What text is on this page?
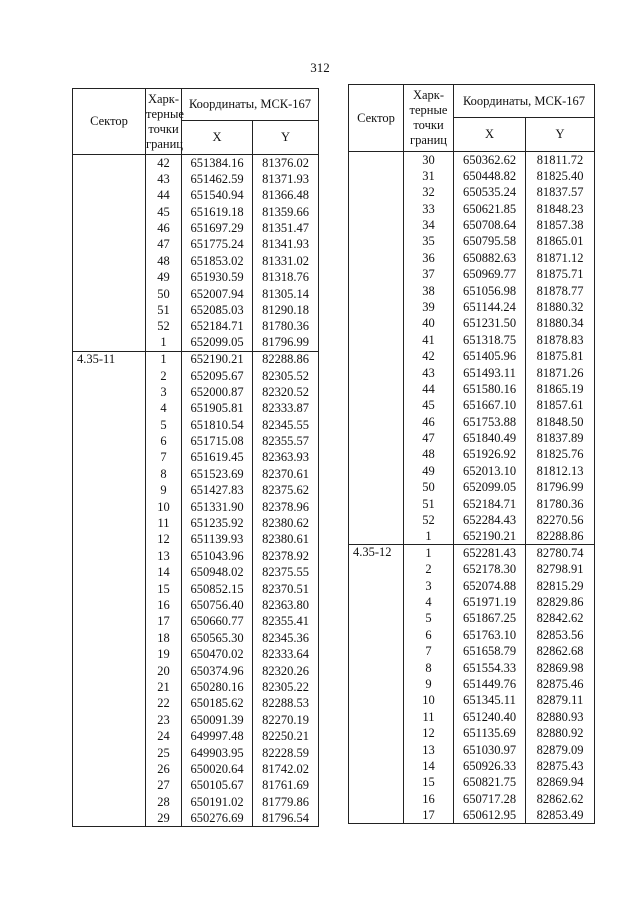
312
Сектор	Харк-терные точки границ	Координаты, МСК-167	
		X	Y
	42	651384.16	81376.02
	43	651462.59	81371.93
	44	651540.94	81366.48
	45	651619.18	81359.66
	46	651697.29	81351.47
	47	651775.24	81341.93
	48	651853.02	81331.02
	49	651930.59	81318.76
	50	652007.94	81305.14
	51	652085.03	81290.18
	52	652184.71	81780.36
	1	652099.05	81796.99
4.35-11	1	652190.21	82288.86
	2	652095.67	82305.52
	3	652000.87	82320.52
	4	651905.81	82333.87
	5	651810.54	82345.55
	6	651715.08	82355.57
	7	651619.45	82363.93
	8	651523.69	82370.61
	9	651427.83	82375.62
	10	651331.90	82378.96
	11	651235.92	82380.62
	12	651139.93	82380.61
	13	651043.96	82378.92
	14	650948.02	82375.55
	15	650852.15	82370.51
	16	650756.40	82363.80
	17	650660.77	82355.41
	18	650565.30	82345.36
	19	650470.02	82333.64
	20	650374.96	82320.26
	21	650280.16	82305.22
	22	650185.62	82288.53
	23	650091.39	82270.19
	24	649997.48	82250.21
	25	649903.95	82228.59
	26	650020.64	81742.02
	27	650105.67	81761.69
	28	650191.02	81779.86
	29	650276.69	81796.54
Сектор	Харк-терные точки границ	Координаты, МСК-167	
		X	Y
	30	650362.62	81811.72
	31	650448.82	81825.40
	32	650535.24	81837.57
	33	650621.85	81848.23
	34	650708.64	81857.38
	35	650795.58	81865.01
	36	650882.63	81871.12
	37	650969.77	81875.71
	38	651056.98	81878.77
	39	651144.24	81880.32
	40	651231.50	81880.34
	41	651318.75	81878.83
	42	651405.96	81875.81
	43	651493.11	81871.26
	44	651580.16	81865.19
	45	651667.10	81857.61
	46	651753.88	81848.50
	47	651840.49	81837.89
	48	651926.92	81825.76
	49	652013.10	81812.13
	50	652099.05	81796.99
	51	652184.71	81780.36
	52	652284.43	82270.56
	1	652190.21	82288.86
4.35-12	1	652281.43	82780.74
	2	652178.30	82798.91
	3	652074.88	82815.29
	4	651971.19	82829.86
	5	651867.25	82842.62
	6	651763.10	82853.56
	7	651658.79	82862.68
	8	651554.33	82869.98
	9	651449.76	82875.46
	10	651345.11	82879.11
	11	651240.40	82880.93
	12	651135.69	82880.92
	13	651030.97	82879.09
	14	650926.33	82875.43
	15	650821.75	82869.94
	16	650717.28	82862.62
	17	650612.95	82853.49
